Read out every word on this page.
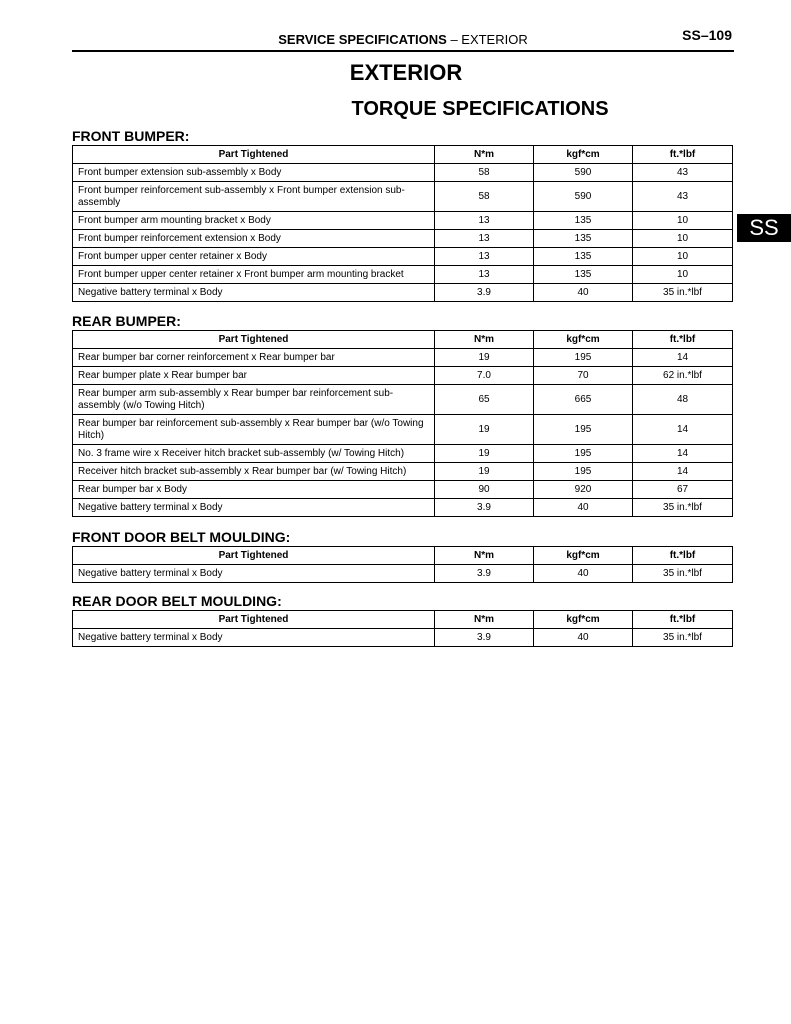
SERVICE SPECIFICATIONS – EXTERIOR	SS–109
EXTERIOR
TORQUE SPECIFICATIONS
SS
FRONT BUMPER:
Part Tightened	N*m	kgf*cm	ft.*lbf
Front bumper extension sub-assembly x Body	58	590	43
Front bumper reinforcement sub-assembly x Front bumper extension sub-assembly	58	590	43
Front bumper arm mounting bracket x Body	13	135	10
Front bumper reinforcement extension x Body	13	135	10
Front bumper upper center retainer x Body	13	135	10
Front bumper upper center retainer x Front bumper arm mounting bracket	13	135	10
Negative battery terminal x Body	3.9	40	35 in.*lbf
REAR BUMPER:
Part Tightened	N*m	kgf*cm	ft.*lbf
Rear bumper bar corner reinforcement x Rear bumper bar	19	195	14
Rear bumper plate x Rear bumper bar	7.0	70	62 in.*lbf
Rear bumper arm sub-assembly x Rear bumper bar reinforcement sub-assembly (w/o Towing Hitch)	65	665	48
Rear bumper bar reinforcement sub-assembly x Rear bumper bar (w/o Towing Hitch)	19	195	14
No. 3 frame wire x Receiver hitch bracket sub-assembly (w/ Towing Hitch)	19	195	14
Receiver hitch bracket sub-assembly x Rear bumper bar (w/ Towing Hitch)	19	195	14
Rear bumper bar x Body	90	920	67
Negative battery terminal x Body	3.9	40	35 in.*lbf
FRONT DOOR BELT MOULDING:
Part Tightened	N*m	kgf*cm	ft.*lbf
Negative battery terminal x Body	3.9	40	35 in.*lbf
REAR DOOR BELT MOULDING:
Part Tightened	N*m	kgf*cm	ft.*lbf
Negative battery terminal x Body	3.9	40	35 in.*lbf
